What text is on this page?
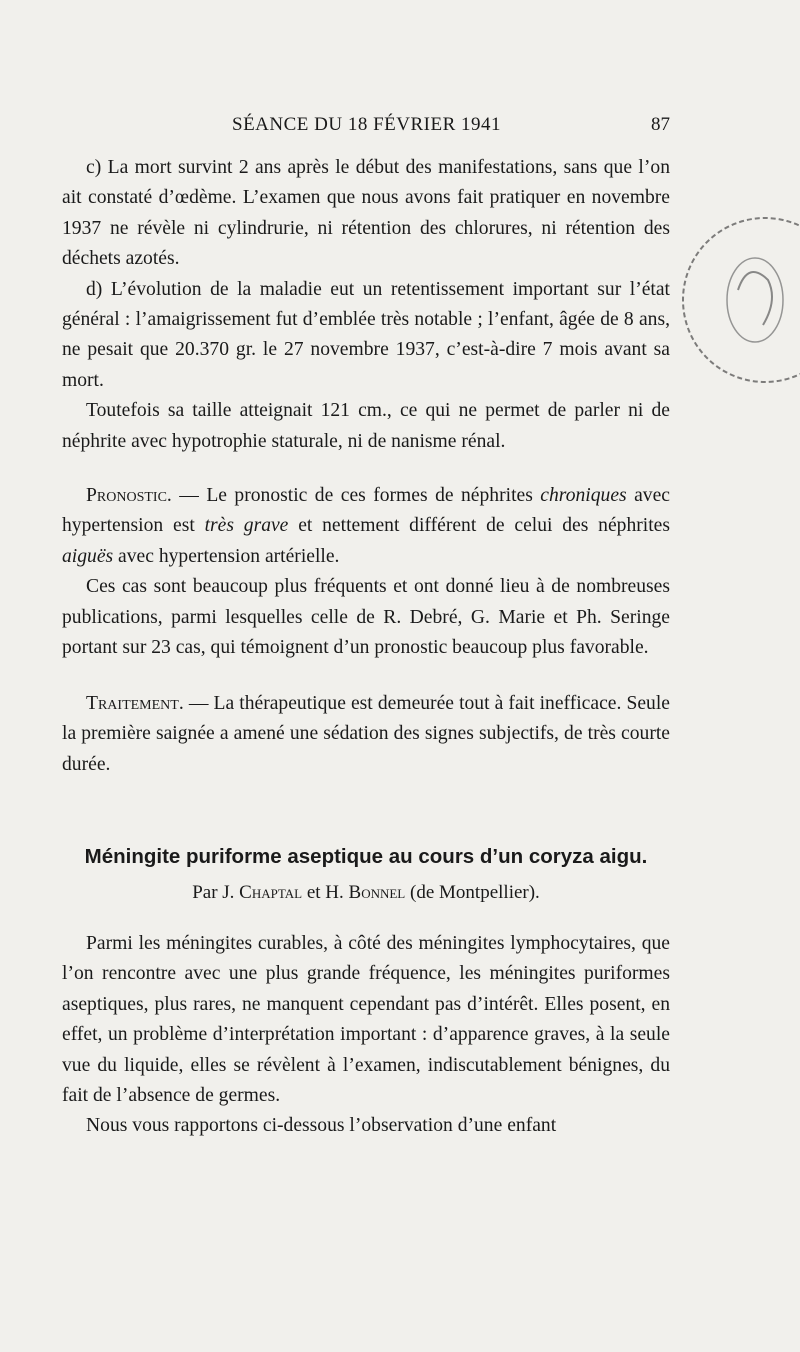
SÉANCE DU 18 FÉVRIER 1941	87

c) La mort survint 2 ans après le début des manifestations, sans que l’on ait constaté d’œdème. L’examen que nous avons fait pratiquer en novembre 1937 ne révèle ni cylindrurie, ni rétention des chlorures, ni rétention des déchets azotés.

d) L’évolution de la maladie eut un retentissement important sur l’état général : l’amaigrissement fut d’emblée très notable ; l’enfant, âgée de 8 ans, ne pesait que 20.370 gr. le 27 novembre 1937, c’est-à-dire 7 mois avant sa mort.

Toutefois sa taille atteignait 121 cm., ce qui ne permet de parler ni de néphrite avec hypotrophie staturale, ni de nanisme rénal.

Pronostic. — Le pronostic de ces formes de néphrites chroniques avec hypertension est très grave et nettement différent de celui des néphrites aiguës avec hypertension artérielle.

Ces cas sont beaucoup plus fréquents et ont donné lieu à de nombreuses publications, parmi lesquelles celle de R. Debré, G. Marie et Ph. Seringe portant sur 23 cas, qui témoignent d’un pronostic beaucoup plus favorable.

Traitement. — La thérapeutique est demeurée tout à fait inefficace. Seule la première saignée a amené une sédation des signes subjectifs, de très courte durée.

Méningite puriforme aseptique au cours d’un coryza aigu.
Par J. Chaptal et H. Bonnel (de Montpellier).

Parmi les méningites curables, à côté des méningites lymphocytaires, que l’on rencontre avec une plus grande fréquence, les méningites puriformes aseptiques, plus rares, ne manquent cependant pas d’intérêt. Elles posent, en effet, un problème d’interprétation important : d’apparence graves, à la seule vue du liquide, elles se révèlent à l’examen, indiscutablement bénignes, du fait de l’absence de germes.

Nous vous rapportons ci-dessous l’observation d’une enfant
